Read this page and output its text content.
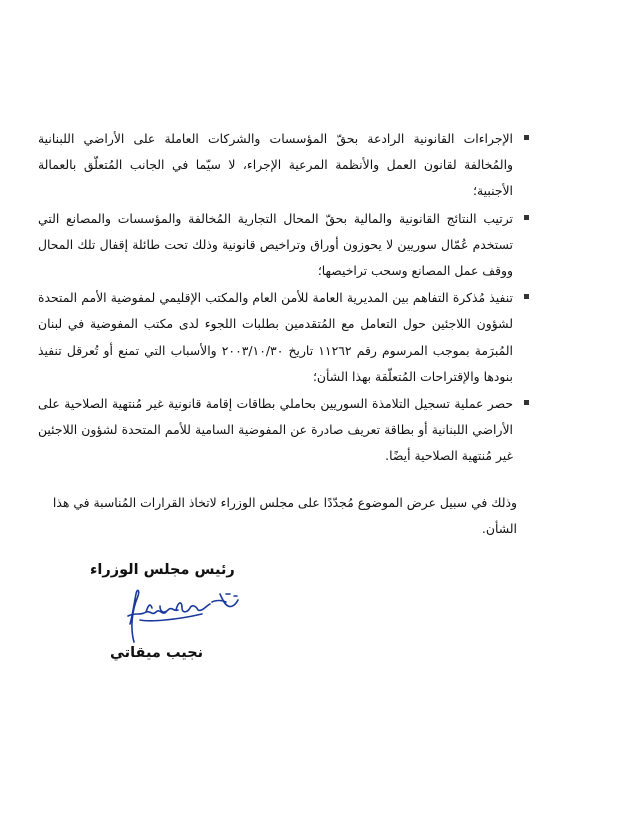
الإجراءات القانونية الرادعة بحقّ المؤسسات والشركات العاملة على الأراضي اللبنانية والمُخالفة لقانون العمل والأنظمة المرعية الإجراء، لا سيّما في الجانب المُتعلّق بالعمالة الأجنبية؛
ترتيب النتائج القانونية والمالية بحقّ المحال التجارية المُخالفة والمؤسسات والمصانع التي تستخدم عُمّال سوريين لا يحوزون أوراق وتراخيص قانونية وذلك تحت طائلة إقفال تلك المحال ووقف عمل المصانع وسحب تراخيصها؛
تنفيذ مُذكرة التفاهم بين المديرية العامة للأمن العام والمكتب الإقليمي لمفوضية الأمم المتحدة لشؤون اللاجئين حول التعامل مع المُتقدمين بطلبات اللجوء لدى مكتب المفوضية في لبنان المُبرَمة بموجب المرسوم رقم ١١٢٦٢ تاريخ ٢٠٠٣/١٠/٣٠ والأسباب التي تمنع أو تُعرقل تنفيذ بنودها والإقتراحات المُتعلّقة بهذا الشأن؛
حصر عملية تسجيل التلامذة السوريين بحاملي بطاقات إقامة قانونية غير مُنتهية الصلاحية على الأراضي اللبنانية أو بطاقة تعريف صادرة عن المفوضية السامية للأمم المتحدة لشؤون اللاجئين غير مُنتهية الصلاحية أيضًا.

وذلك في سبيل عرض الموضوع مُجدّدًا على مجلس الوزراء لاتخاذ القرارات المُناسبة في هذا الشأن.

رئيس مجلس الوزراء
نجيب ميقاتي
